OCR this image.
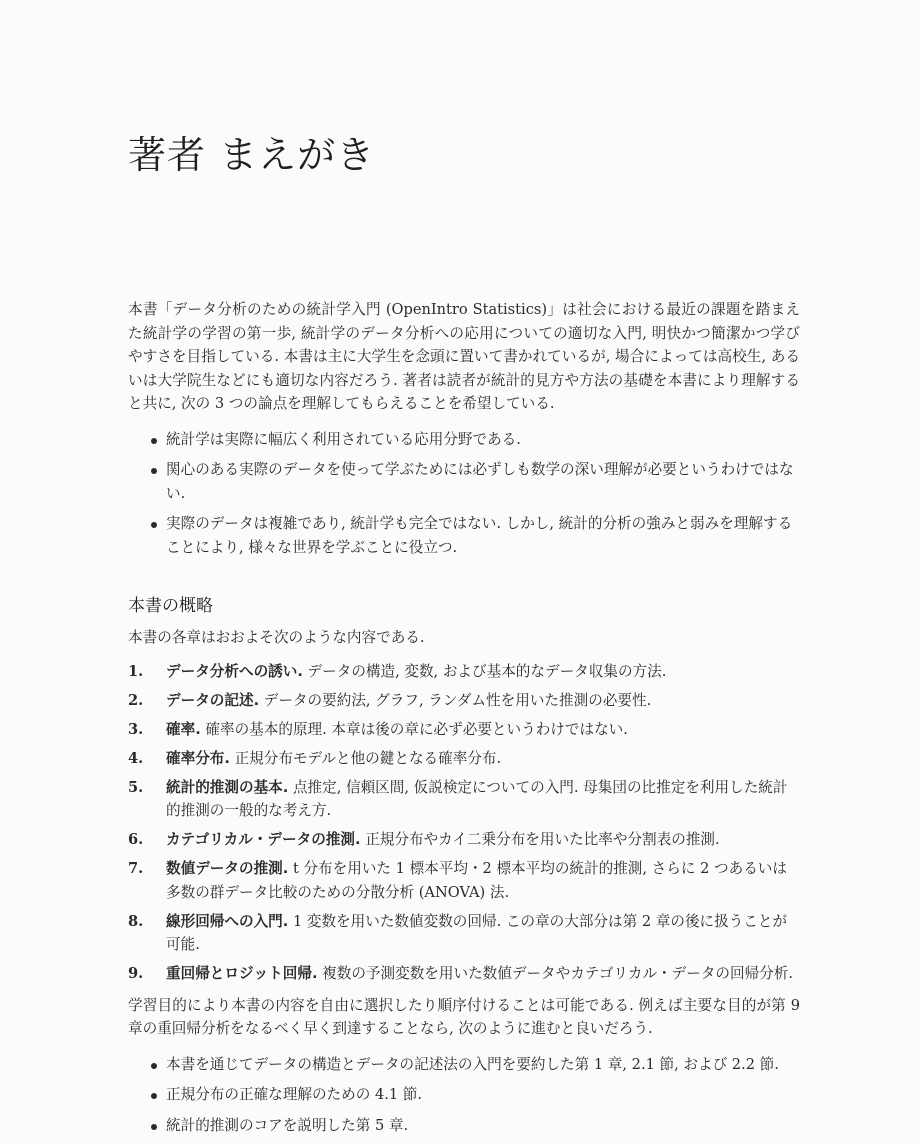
著者 まえがき

本書「データ分析のための統計学入門 (OpenIntro Statistics)」は社会における最近の課題を踏まえた統計学の学習の第一歩, 統計学のデータ分析への応用についての適切な入門, 明快かつ簡潔かつ学びやすさを目指している. 本書は主に大学生を念頭に置いて書かれているが, 場合によっては高校生, あるいは大学院生などにも適切な内容だろう. 著者は読者が統計的見方や方法の基礎を本書により理解すると共に, 次の 3 つの論点を理解してもらえることを希望している.

統計学は実際に幅広く利用されている応用分野である.
関心のある実際のデータを使って学ぶためには必ずしも数学の深い理解が必要というわけではない.
実際のデータは複雑であり, 統計学も完全ではない. しかし, 統計的分析の強みと弱みを理解することにより, 様々な世界を学ぶことに役立つ.
本書の概略

本書の各章はおおよそ次のような内容である.

1. データ分析への誘い. データの構造, 変数, および基本的なデータ収集の方法.
2. データの記述. データの要約法, グラフ, ランダム性を用いた推測の必要性.
3. 確率. 確率の基本的原理. 本章は後の章に必ず必要というわけではない.
4. 確率分布. 正規分布モデルと他の鍵となる確率分布.
5. 統計的推測の基本. 点推定, 信頼区間, 仮説検定についての入門. 母集団の比推定を利用した統計的推測の一般的な考え方.
6. カテゴリカル・データの推測. 正規分布やカイ二乗分布を用いた比率や分割表の推測.
7. 数値データの推測. t 分布を用いた 1 標本平均・2 標本平均の統計的推測, さらに 2 つあるいは多数の群データ比較のための分散分析 (ANOVA) 法.
8. 線形回帰への入門. 1 変数を用いた数値変数の回帰. この章の大部分は第 2 章の後に扱うことが可能.
9. 重回帰とロジット回帰. 複数の予測変数を用いた数値データやカテゴリカル・データの回帰分析.

学習目的により本書の内容を自由に選択したり順序付けることは可能である. 例えば主要な目的が第 9 章の重回帰分析をなるべく早く到達することなら, 次のように進むと良いだろう.

本書を通じてデータの構造とデータの記述法の入門を要約した第 1 章, 2.1 節, および 2.2 節.
正規分布の正確な理解のための 4.1 節.
統計的推測のコアを説明した第 5 章.
